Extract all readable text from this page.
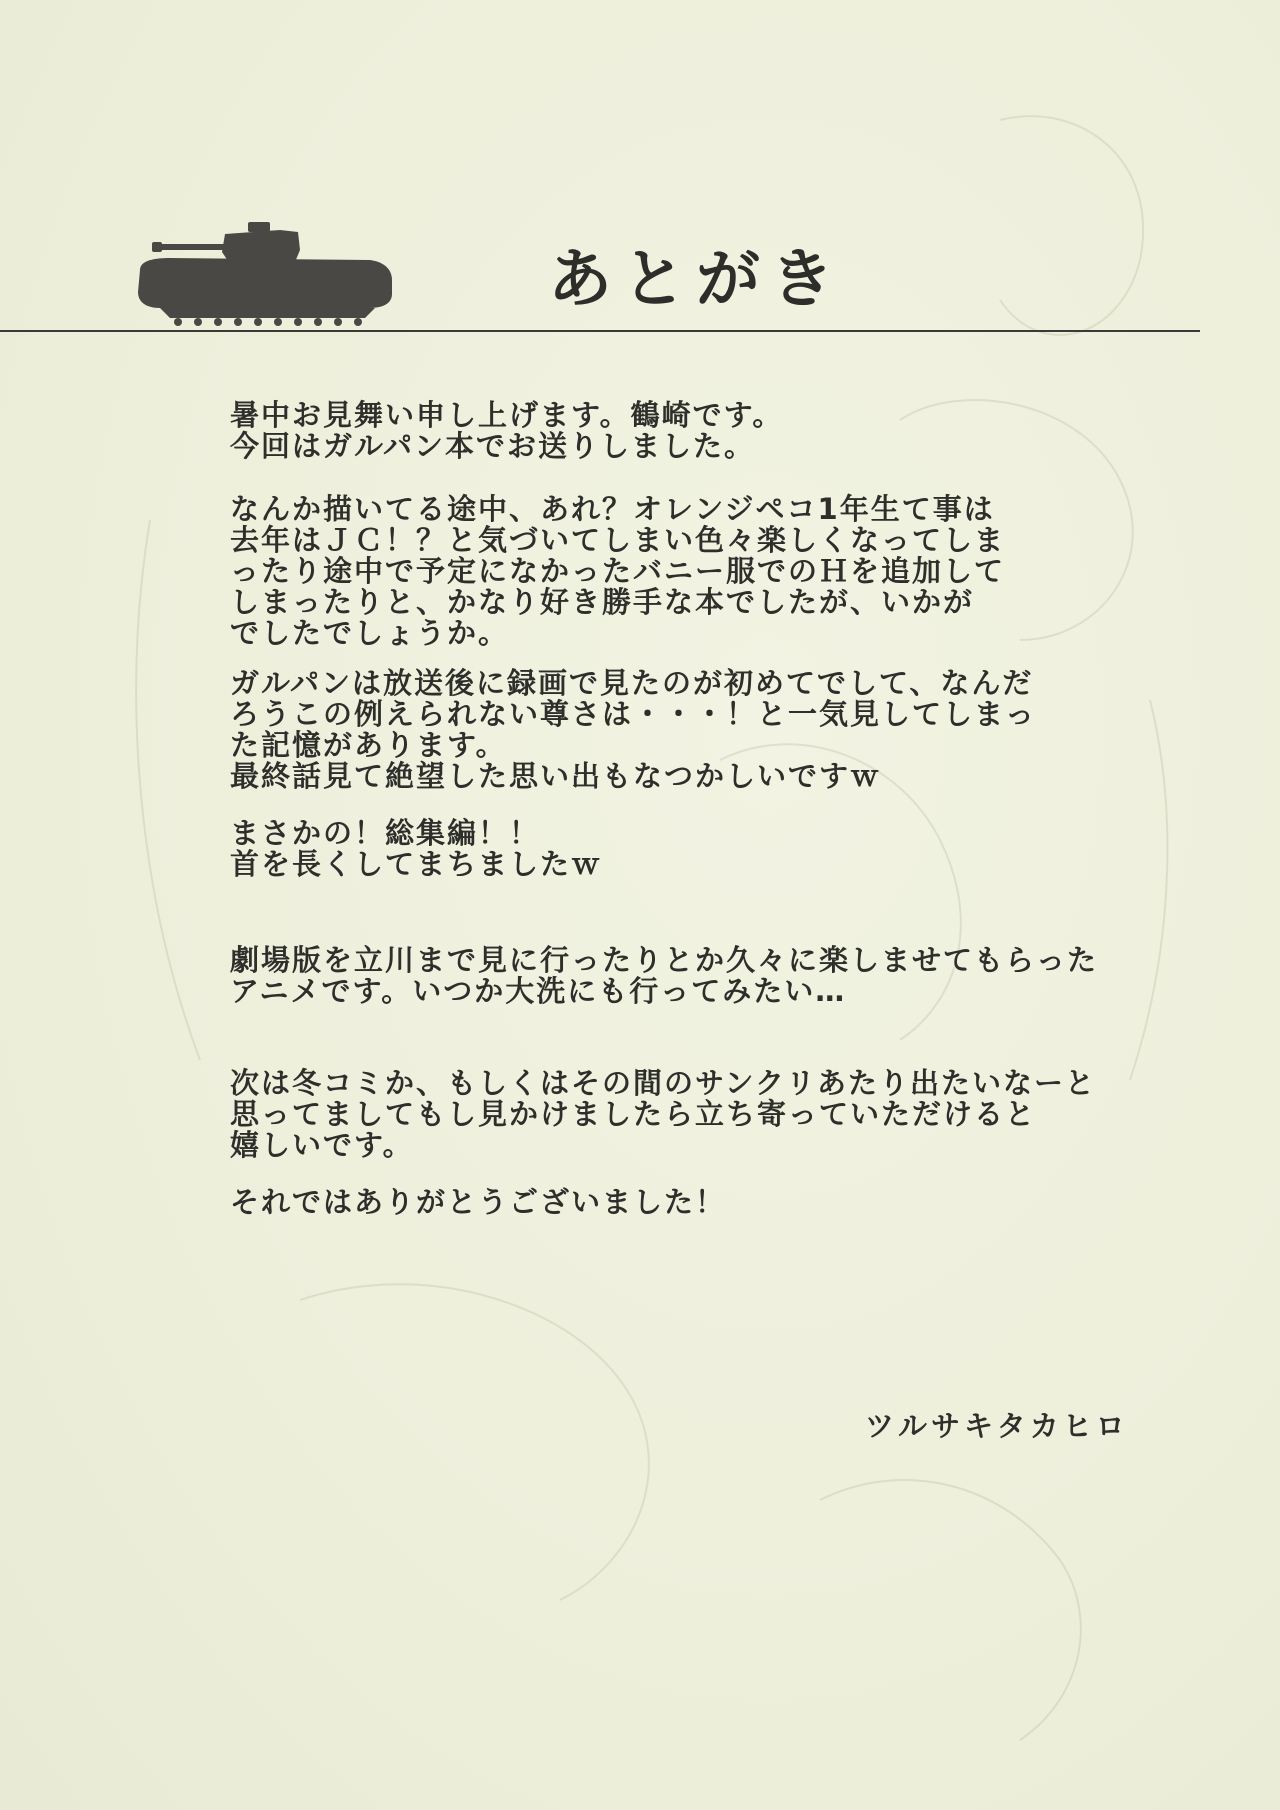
あとがき

暑中お見舞い申し上げます。鶴崎です。
今回はガルパン本でお送りしました。

なんか描いてる途中、あれ？オレンジペコ1年生て事は
去年はＪＣ！？と気づいてしまい色々楽しくなってしま
ったり途中で予定になかったバニー服でのＨを追加して
しまったりと、かなり好き勝手な本でしたが、いかが
でしたでしょうか。

ガルパンは放送後に録画で見たのが初めてでして、なんだ
ろうこの例えられない尊さは・・・！と一気見してしまっ
た記憶があります。
最終話見て絶望した思い出もなつかしいですｗ

まさかの！総集編！！
首を長くしてまちましたｗ

劇場版を立川まで見に行ったりとか久々に楽しませてもらった
アニメです。いつか大洗にも行ってみたい…

次は冬コミか、もしくはその間のサンクリあたり出たいなーと
思ってましてもし見かけましたら立ち寄っていただけると
嬉しいです。

それではありがとうございました！

ツルサキタカヒロ
